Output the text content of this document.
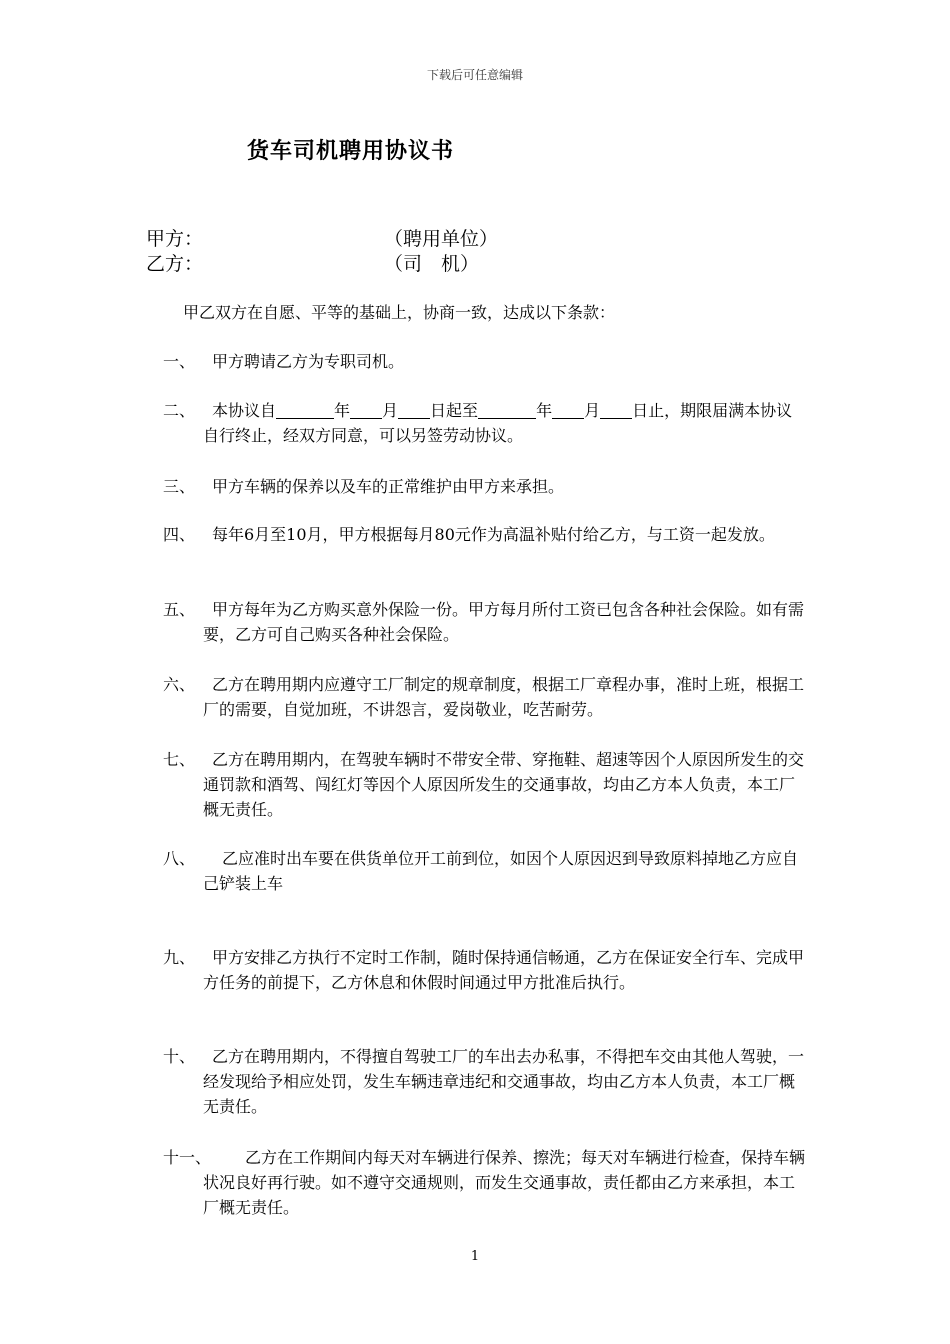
下载后可任意编辑
货车司机聘用协议书
甲方：	（聘用单位）
乙方：	（司　机）
甲乙双方在自愿、平等的基础上，协商一致，达成以下条款：
一、 甲方聘请乙方为专职司机。
二、	本协议自	年 月 日起至	年 月 日止，期限届满本协议自行终止，经双方同意，可以另签劳动协议。
三、 甲方车辆的保养以及车的正常维护由甲方来承担。
四、	每年6月至10月，甲方根据每月80元作为高温补贴付给乙方，与工资一起发放。
五、	甲方每年为乙方购买意外保险一份。甲方每月所付工资已包含各种社会保险。如有需要，乙方可自己购买各种社会保险。
六、	乙方在聘用期内应遵守工厂制定的规章制度，根据工厂章程办事，准时上班，根据工厂的需要，自觉加班，不讲怨言，爱岗敬业，吃苦耐劳。
七、	乙方在聘用期内，在驾驶车辆时不带安全带、穿拖鞋、超速等因个人原因所发生的交通罚款和酒驾、闯红灯等因个人原因所发生的交通事故，均由乙方本人负责，本工厂概无责任。
八、	乙应准时出车要在供货单位开工前到位，如因个人原因迟到导致原料掉地乙方应自己铲装上车
九、	甲方安排乙方执行不定时工作制，随时保持通信畅通，乙方在保证安全行车、完成甲方任务的前提下，乙方休息和休假时间通过甲方批准后执行。
十、	乙方在聘用期内，不得擅自驾驶工厂的车出去办私事，不得把车交由其他人驾驶，一经发现给予相应处罚，发生车辆违章违纪和交通事故，均由乙方本人负责，本工厂概无责任。
十一、	乙方在工作期间内每天对车辆进行保养、擦洗；每天对车辆进行检查，保持车辆状况良好再行驶。如不遵守交通规则，而发生交通事故，责任都由乙方来承担，本工厂概无责任。
1
